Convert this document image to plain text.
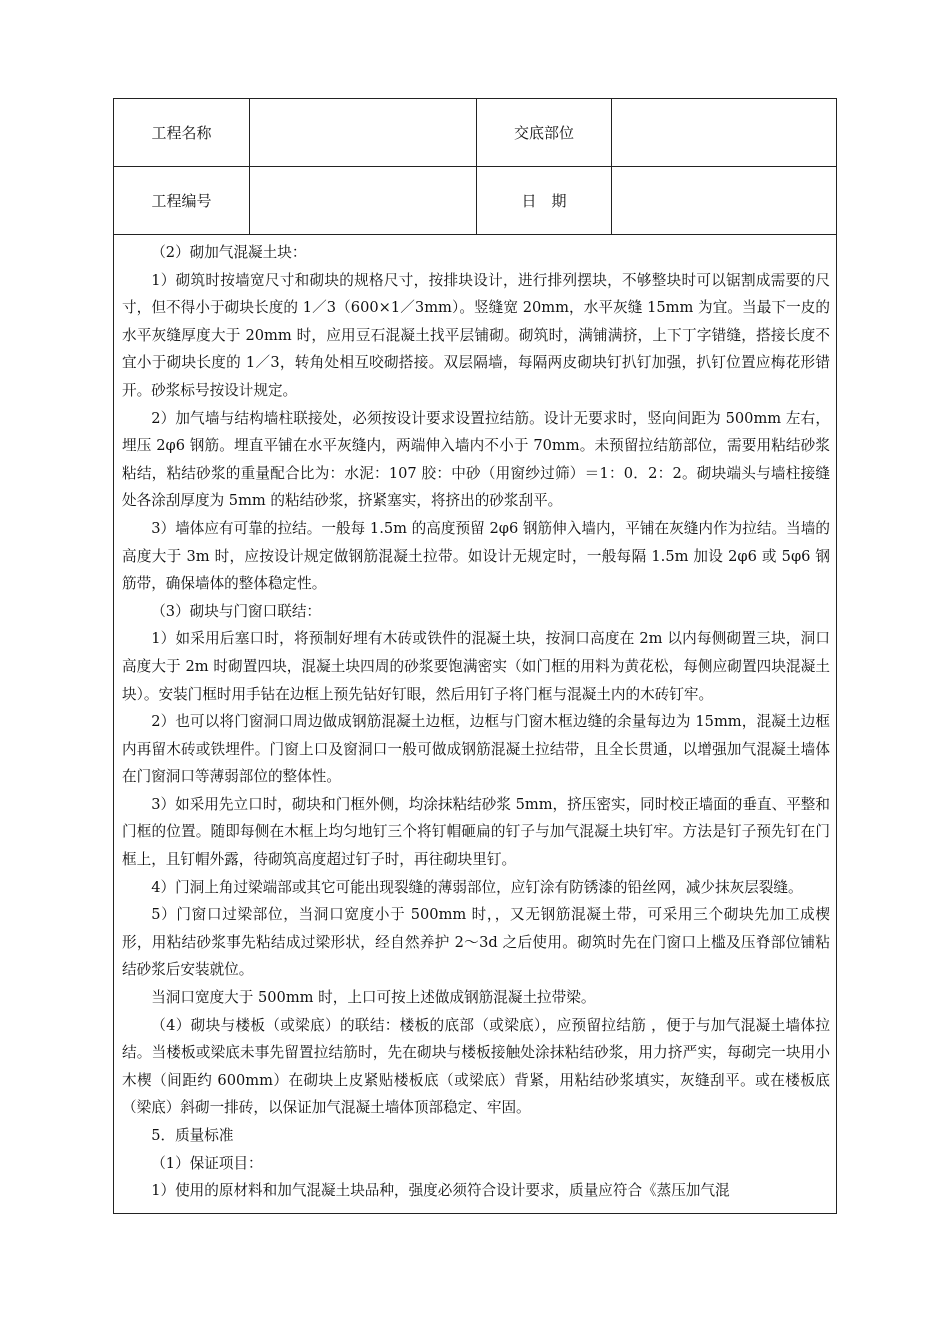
工程名称	交底部位
工程编号	日　期

（2）砌加气混凝土块：

1）砌筑时按墙宽尺寸和砌块的规格尺寸，按排块设计，进行排列摆块，不够整块时可以锯割成需要的尺寸，但不得小于砌块长度的 1／3（600×1／3mm）。竖缝宽 20mm，水平灰缝 15mm 为宜。当最下一皮的水平灰缝厚度大于 20mm 时，应用豆石混凝土找平层铺砌。砌筑时，满铺满挤，上下丁字错缝，搭接长度不宜小于砌块长度的 1／3，转角处相互咬砌搭接。双层隔墙，每隔两皮砌块钉扒钉加强，扒钉位置应梅花形错开。砂浆标号按设计规定。

2）加气墙与结构墙柱联接处，必须按设计要求设置拉结筋。设计无要求时，竖向间距为 500mm 左右，埋压 2φ6 钢筋。埋直平铺在水平灰缝内，两端伸入墙内不小于 70mm。未预留拉结筋部位，需要用粘结砂浆粘结，粘结砂浆的重量配合比为：水泥：107 胶：中砂（用窗纱过筛）＝1：0．2：2。砌块端头与墙柱接缝处各涂刮厚度为 5mm 的粘结砂浆，挤紧塞实，将挤出的砂浆刮平。

3）墙体应有可靠的拉结。一般每 1.5m 的高度预留 2φ6 钢筋伸入墙内，平铺在灰缝内作为拉结。当墙的高度大于 3m 时，应按设计规定做钢筋混凝土拉带。如设计无规定时，一般每隔 1.5m 加设 2φ6 或 5φ6 钢筋带，确保墙体的整体稳定性。

（3）砌块与门窗口联结：

1）如采用后塞口时，将预制好埋有木砖或铁件的混凝土块，按洞口高度在 2m 以内每侧砌置三块，洞口高度大于 2m 时砌置四块，混凝土块四周的砂浆要饱满密实（如门框的用料为黄花松，每侧应砌置四块混凝土块）。安装门框时用手钻在边框上预先钻好钉眼，然后用钉子将门框与混凝土内的木砖钉牢。

2）也可以将门窗洞口周边做成钢筋混凝土边框，边框与门窗木框边缝的余量每边为 15mm，混凝土边框内再留木砖或铁埋件。门窗上口及窗洞口一般可做成钢筋混凝土拉结带，且全长贯通，以增强加气混凝土墙体在门窗洞口等薄弱部位的整体性。

3）如采用先立口时，砌块和门框外侧，均涂抹粘结砂浆 5mm，挤压密实，同时校正墙面的垂直、平整和门框的位置。随即每侧在木框上均匀地钉三个将钉帽砸扁的钉子与加气混凝土块钉牢。方法是钉子预先钉在门框上，且钉帽外露，待砌筑高度超过钉子时，再往砌块里钉。

4）门洞上角过梁端部或其它可能出现裂缝的薄弱部位，应钉涂有防锈漆的铅丝网，减少抹灰层裂缝。

5）门窗口过梁部位，当洞口宽度小于 500mm 时，，又无钢筋混凝土带，可采用三个砌块先加工成楔形，用粘结砂浆事先粘结成过梁形状，经自然养护 2～3d 之后使用。砌筑时先在门窗口上槛及压脊部位铺粘结砂浆后安装就位。

当洞口宽度大于 500mm 时，上口可按上述做成钢筋混凝土拉带梁。

（4）砌块与楼板（或梁底）的联结：楼板的底部（或梁底），应预留拉结筋 ，便于与加气混凝土墙体拉结。当楼板或梁底未事先留置拉结筋时，先在砌块与楼板接触处涂抹粘结砂浆，用力挤严实，每砌完一块用小木楔（间距约 600mm）在砌块上皮紧贴楼板底（或梁底）背紧，用粘结砂浆填实，灰缝刮平。或在楼板底（梁底）斜砌一排砖，以保证加气混凝土墙体顶部稳定、牢固。

5．质量标准

（1）保证项目：

1）使用的原材料和加气混凝土块品种，强度必须符合设计要求，质量应符合《蒸压加气混
